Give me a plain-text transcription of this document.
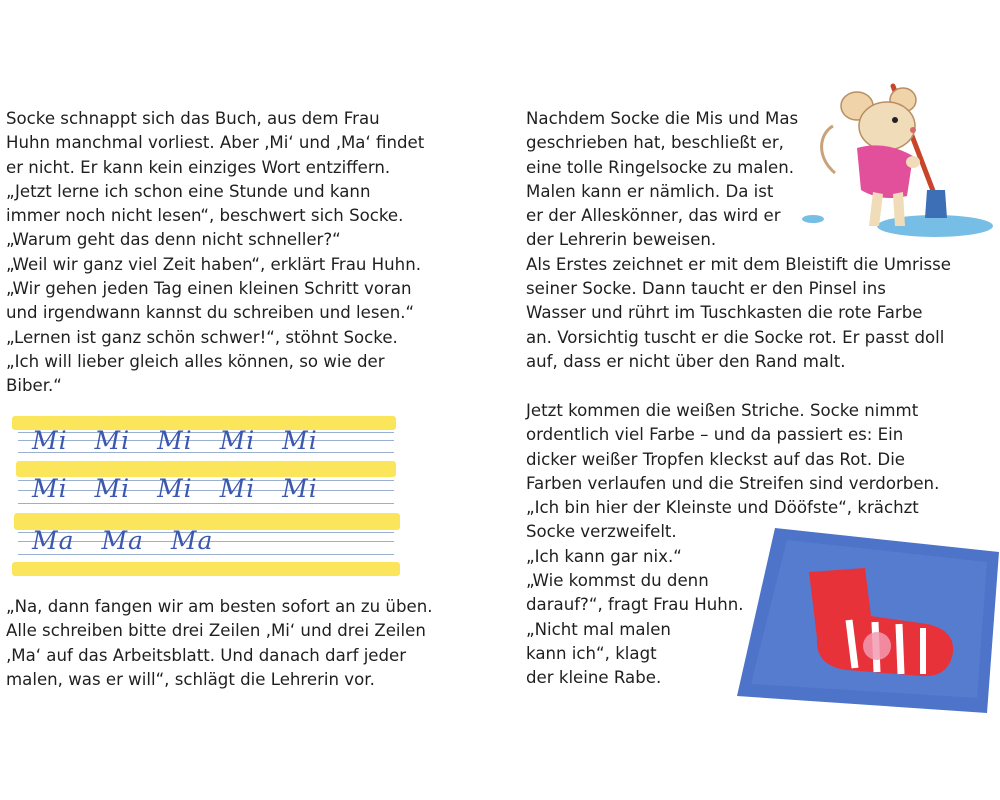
Socke schnappt sich das Buch, aus dem Frau

Huhn manchmal vorliest. Aber ‚Mi‘ und ‚Ma‘ findet

er nicht. Er kann kein einziges Wort entziffern.

„Jetzt lerne ich schon eine Stunde und kann

immer noch nicht lesen“, beschwert sich Socke.

„Warum geht das denn nicht schneller?“

„Weil wir ganz viel Zeit haben“, erklärt Frau Huhn.

„Wir gehen jeden Tag einen kleinen Schritt voran

und irgendwann kannst du schreiben und lesen.“

„Lernen ist ganz schön schwer!“, stöhnt Socke.

„Ich will lieber gleich alles können, so wie der

Biber.“

Mi Mi Mi Mi Mi
Mi Mi Mi Mi Mi
Ma Ma Ma

„Na, dann fangen wir am besten sofort an zu üben.

Alle schreiben bitte drei Zeilen ‚Mi‘ und drei Zeilen

‚Ma‘ auf das Arbeitsblatt. Und danach darf jeder

malen, was er will“, schlägt die Lehrerin vor.

Nachdem Socke die Mis und Mas

geschrieben hat, beschließt er,

eine tolle Ringelsocke zu malen.

Malen kann er nämlich. Da ist

er der Alleskönner, das wird er

der Lehrerin beweisen.

Als Erstes zeichnet er mit dem Bleistift die Umrisse

seiner Socke. Dann taucht er den Pinsel ins

Wasser und rührt im Tuschkasten die rote Farbe

an. Vorsichtig tuscht er die Socke rot. Er passt doll

auf, dass er nicht über den Rand malt.

Jetzt kommen die weißen Striche. Socke nimmt

ordentlich viel Farbe – und da passiert es: Ein

dicker weißer Tropfen kleckst auf das Rot. Die

Farben verlaufen und die Streifen sind verdorben.

„Ich bin hier der Kleinste und Dööfste“, krächzt

Socke verzweifelt.

„Ich kann gar nix.“

„Wie kommst du denn

darauf?“, fragt Frau Huhn.

„Nicht mal malen

kann ich“, klagt

der kleine Rabe.
